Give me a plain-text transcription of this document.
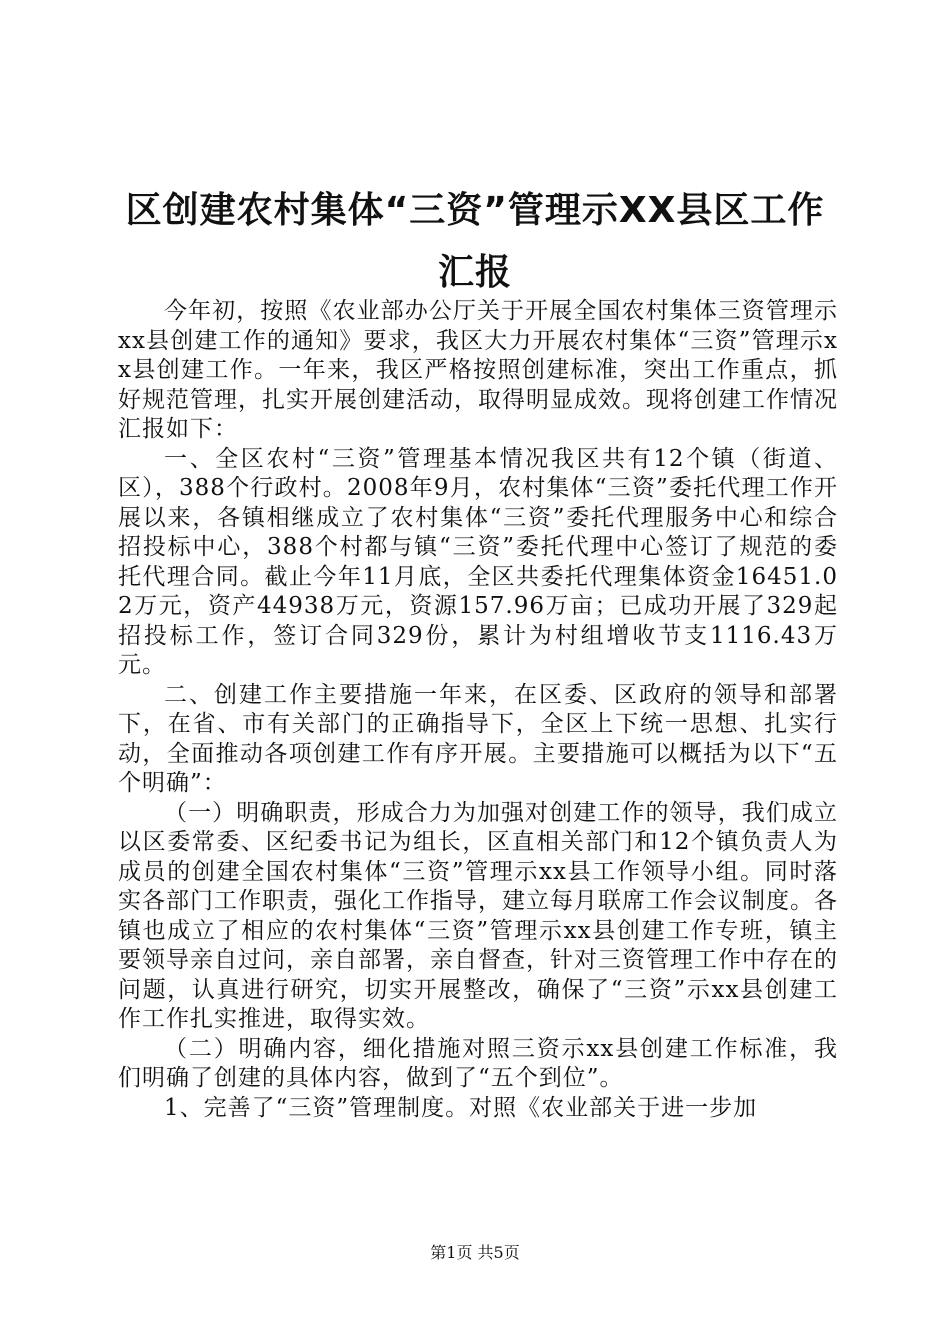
区创建农村集体“三资”管理示XX县区工作
汇报

今年初，按照《农业部办公厅关于开展全国农村集体三资管理示xx县创建工作的通知》要求，我区大力开展农村集体“三资”管理示xx县创建工作。一年来，我区严格按照创建标准，突出工作重点，抓好规范管理，扎实开展创建活动，取得明显成效。现将创建工作情况汇报如下：

一、全区农村“三资”管理基本情况我区共有12个镇（街道、区），388个行政村。2008年9月，农村集体“三资”委托代理工作开展以来，各镇相继成立了农村集体“三资”委托代理服务中心和综合招投标中心，388个村都与镇“三资”委托代理中心签订了规范的委托代理合同。截止今年11月底，全区共委托代理集体资金16451.02万元，资产44938万元，资源157.96万亩；已成功开展了329起招投标工作，签订合同329份，累计为村组增收节支1116.43万元。

二、创建工作主要措施一年来，在区委、区政府的领导和部署下，在省、市有关部门的正确指导下，全区上下统一思想、扎实行动，全面推动各项创建工作有序开展。主要措施可以概括为以下“五个明确”：

（一）明确职责，形成合力为加强对创建工作的领导，我们成立以区委常委、区纪委书记为组长，区直相关部门和12个镇负责人为成员的创建全国农村集体“三资”管理示xx县工作领导小组。同时落实各部门工作职责，强化工作指导，建立每月联席工作会议制度。各镇也成立了相应的农村集体“三资”管理示xx县创建工作专班，镇主要领导亲自过问，亲自部署，亲自督查，针对三资管理工作中存在的问题，认真进行研究，切实开展整改，确保了“三资”示xx县创建工作工作扎实推进，取得实效。

（二）明确内容，细化措施对照三资示xx县创建工作标准，我们明确了创建的具体内容，做到了“五个到位”。

1、完善了“三资”管理制度。对照《农业部关于进一步加

第1页 共5页
